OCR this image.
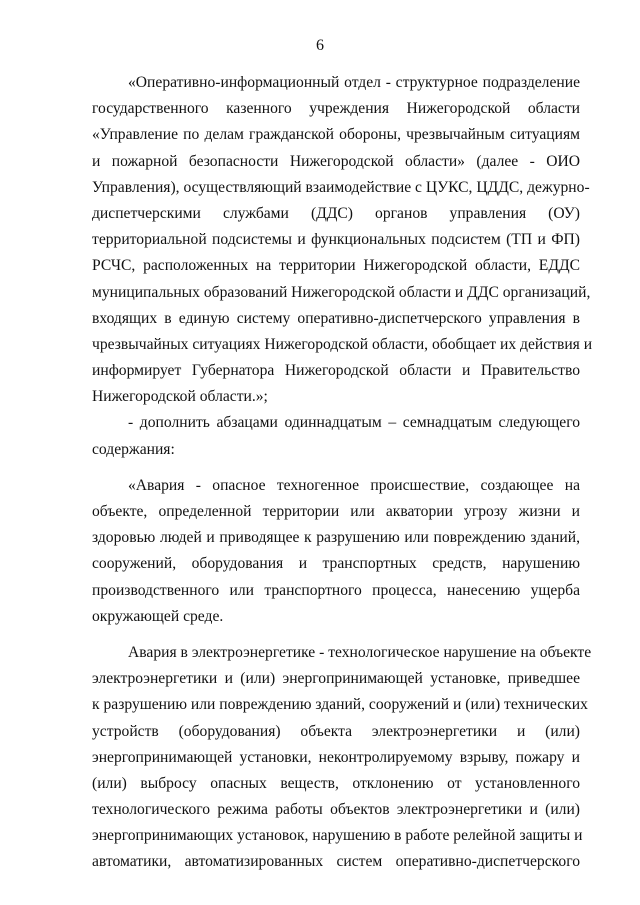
6
«Оперативно-информационный отдел - структурное подразделение
государственного казенного учреждения Нижегородской области
«Управление по делам гражданской обороны, чрезвычайным ситуациям
и пожарной безопасности Нижегородской области» (далее - ОИО
Управления), осуществляющий взаимодействие с ЦУКС, ЦДДС, дежурно-
диспетчерскими службами (ДДС) органов управления (ОУ)
территориальной подсистемы и функциональных подсистем (ТП и ФП)
РСЧС, расположенных на территории Нижегородской области, ЕДДС
муниципальных образований Нижегородской области и ДДС организаций,
входящих в единую систему оперативно-диспетчерского управления в
чрезвычайных ситуациях Нижегородской области, обобщает их действия и
информирует Губернатора Нижегородской области и Правительство
Нижегородской области.»;
- дополнить абзацами одиннадцатым – семнадцатым следующего
содержания:
«Авария - опасное техногенное происшествие, создающее на
объекте, определенной территории или акватории угрозу жизни и
здоровью людей и приводящее к разрушению или повреждению зданий,
сооружений, оборудования и транспортных средств, нарушению
производственного или транспортного процесса, нанесению ущерба
окружающей среде.
Авария в электроэнергетике - технологическое нарушение на объекте
электроэнергетики и (или) энергопринимающей установке, приведшее
к разрушению или повреждению зданий, сооружений и (или) технических
устройств (оборудования) объекта электроэнергетики и (или)
энергопринимающей установки, неконтролируемому взрыву, пожару и
(или) выбросу опасных веществ, отклонению от установленного
технологического режима работы объектов электроэнергетики и (или)
энергопринимающих установок, нарушению в работе релейной защиты и
автоматики, автоматизированных систем оперативно-диспетчерского
